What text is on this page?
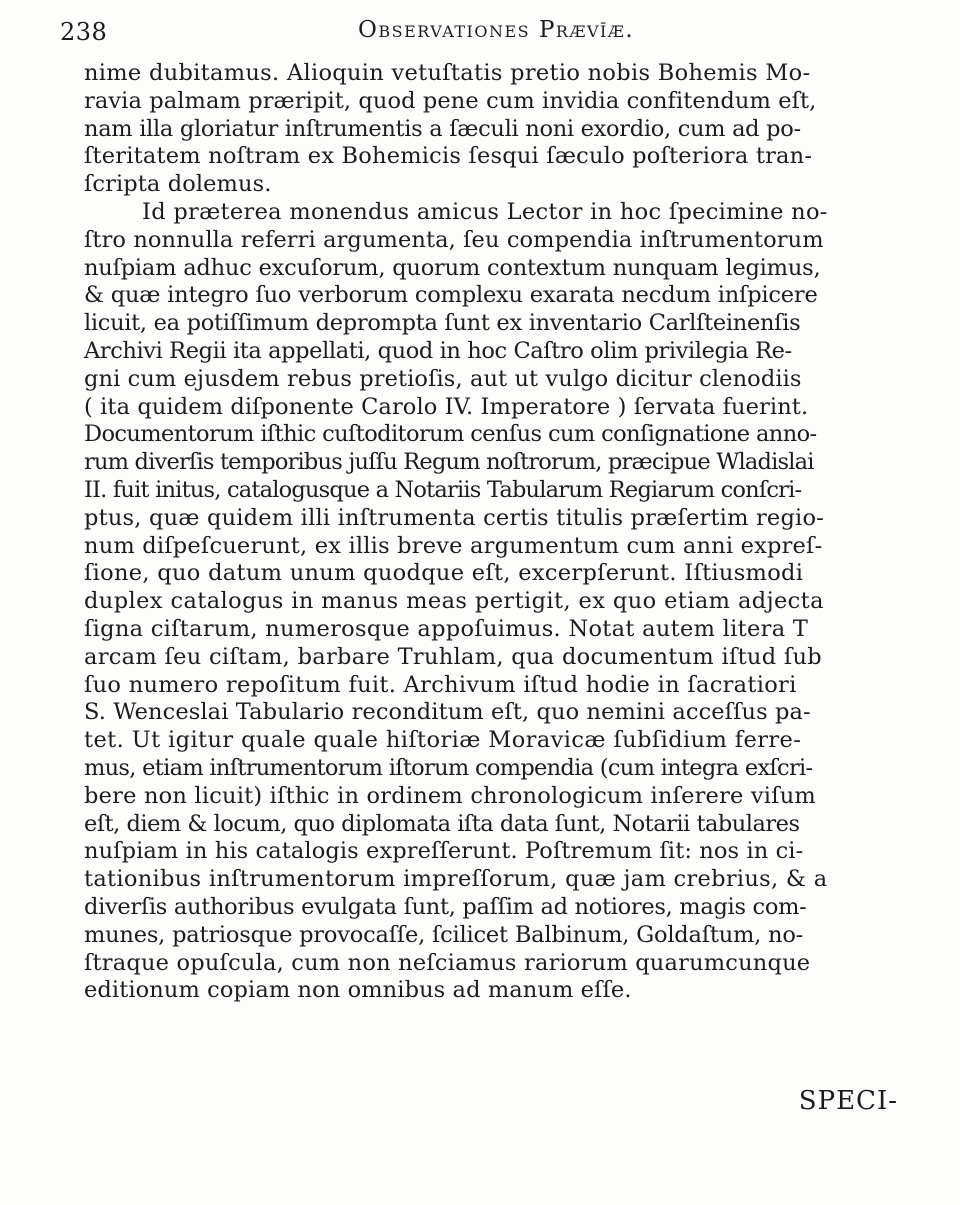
238	Observationes Prævīæ.
nime dubitamus. Alioquin vetuſtatis pretio nobis Bohemis Mo-
ravia palmam præripit, quod pene cum invidia confitendum eſt,
nam illa gloriatur inſtrumentis a ſæculi noni exordio, cum ad po-
ſteritatem noſtram ex Bohemicis ſesqui ſæculo poſteriora tran-
ſcripta dolemus.
Id præterea monendus amicus Lector in hoc ſpecimine no-
ſtro nonnulla referri argumenta, ſeu compendia inſtrumentorum
nuſpiam adhuc excuſorum, quorum contextum nunquam legimus,
& quæ integro ſuo verborum complexu exarata necdum inſpicere
licuit, ea potiſſimum deprompta ſunt ex inventario Carlſteinenſis
Archivi Regii ita appellati, quod in hoc Caſtro olim privilegia Re-
gni cum ejusdem rebus pretioſis, aut ut vulgo dicitur clenodiis
( ita quidem diſponente Carolo IV. Imperatore ) ſervata fuerint.
Documentorum iſthic cuſtoditorum cenſus cum conſignatione anno-
rum diverſis temporibus juſſu Regum noſtrorum, præcipue Wladislai
II. fuit initus, catalogusque a Notariis Tabularum Regiarum conſcri-
ptus, quæ quidem illi inſtrumenta certis titulis præſertim regio-
num diſpeſcuerunt, ex illis breve argumentum cum anni expreſ-
ſione, quo datum unum quodque eſt, excerpſerunt. Iſtiusmodi
duplex catalogus in manus meas pertigit, ex quo etiam adjecta
ſigna ciſtarum, numerosque appoſuimus. Notat autem litera T
arcam ſeu ciſtam, barbare Truhlam, qua documentum iſtud ſub
ſuo numero repoſitum fuit. Archivum iſtud hodie in ſacratiori
S. Wenceslai Tabulario reconditum eſt, quo nemini acceſſus pa-
tet. Ut igitur quale quale hiſtoriæ Moravicæ ſubſidium ferre-
mus, etiam inſtrumentorum iſtorum compendia (cum integra exſcri-
bere non licuit) iſthic in ordinem chronologicum inſerere viſum
eſt, diem & locum, quo diplomata iſta data ſunt, Notarii tabulares
nuſpiam in his catalogis expreſſerunt. Poſtremum ſit: nos in ci-
tationibus inſtrumentorum impreſſorum, quæ jam crebrius, & a
diverſis authoribus evulgata ſunt, paſſim ad notiores, magis com-
munes, patriosque provocaſſe, ſcilicet Balbinum, Goldaſtum, no-
ſtraque opuſcula, cum non neſciamus rariorum quarumcunque
editionum copiam non omnibus ad manum eſſe.
SPECI-
